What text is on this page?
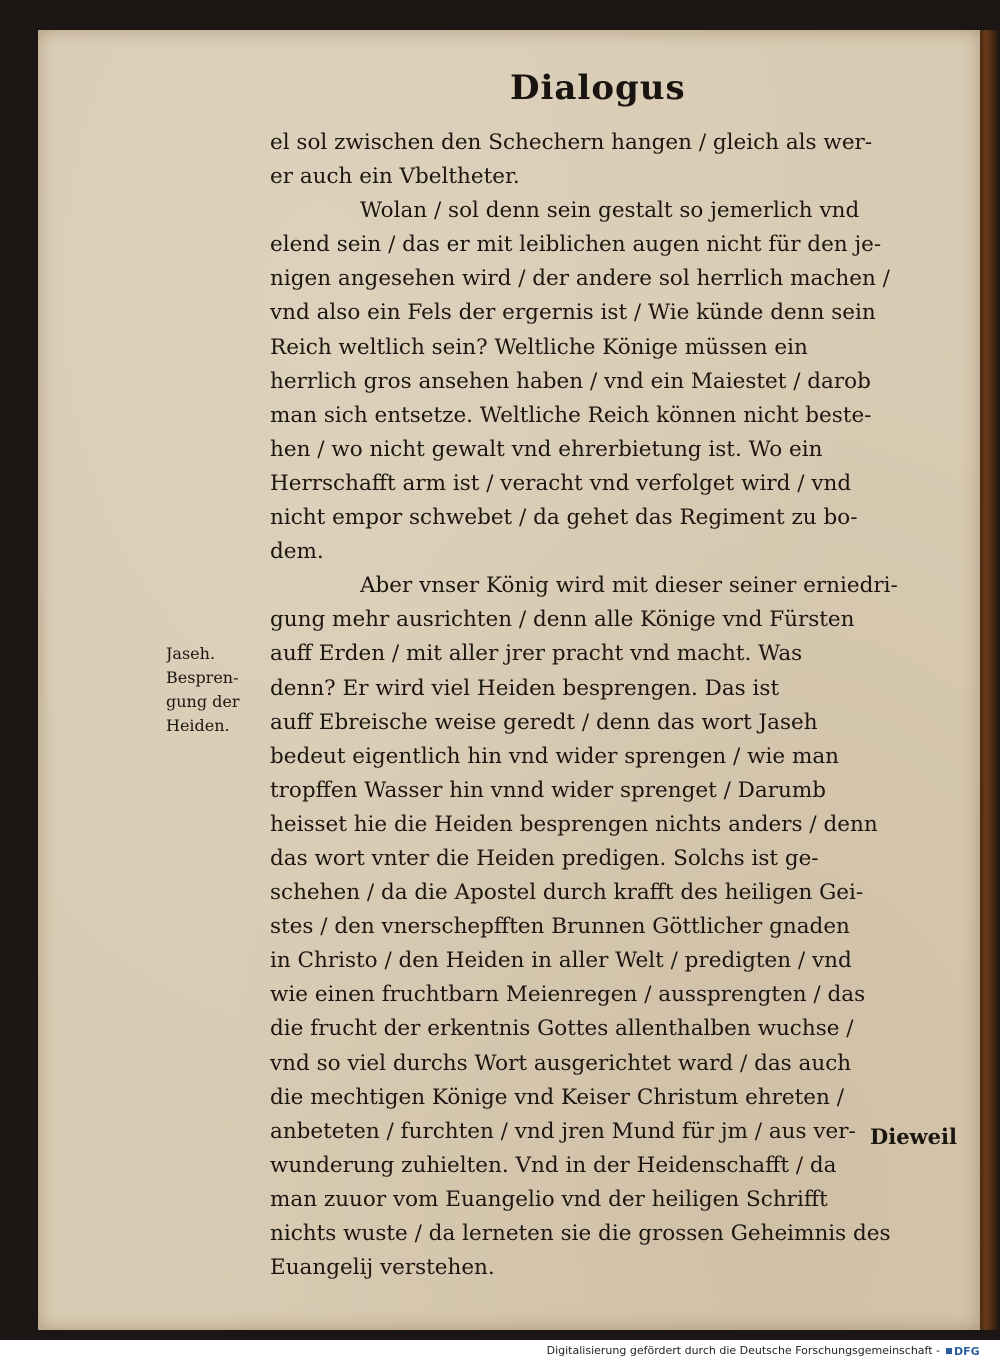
Dialogus
el sol zwischen den Schechern hangen / gleich als wer-
er auch ein Vbeltheter.
Wolan / sol denn sein gestalt so jemerlich vnd
elend sein / das er mit leiblichen augen nicht für den je-
nigen angesehen wird / der andere sol herrlich machen /
vnd also ein Fels der ergernis ist / Wie künde denn sein
Reich weltlich sein? Weltliche Könige müssen ein
herrlich gros ansehen haben / vnd ein Maiestet / darob
man sich entsetze. Weltliche Reich können nicht beste-
hen / wo nicht gewalt vnd ehrerbietung ist. Wo ein
Herrschafft arm ist / veracht vnd verfolget wird / vnd
nicht empor schwebet / da gehet das Regiment zu bo-
dem.
Aber vnser König wird mit dieser seiner erniedri-
gung mehr ausrichten / denn alle Könige vnd Fürsten
auff Erden / mit aller jrer pracht vnd macht. Was
denn? Er wird viel Heiden besprengen. Das ist
auff Ebreische weise geredt / denn das wort Jaseh
bedeut eigentlich hin vnd wider sprengen / wie man
tropffen Wasser hin vnnd wider sprenget / Darumb
heisset hie die Heiden besprengen nichts anders / denn
das wort vnter die Heiden predigen. Solchs ist ge-
schehen / da die Apostel durch krafft des heiligen Gei-
stes / den vnerschepfften Brunnen Göttlicher gnaden
in Christo / den Heiden in aller Welt / predigten / vnd
wie einen fruchtbarn Meienregen / aussprengten / das
die frucht der erkentnis Gottes allenthalben wuchse /
vnd so viel durchs Wort ausgerichtet ward / das auch
die mechtigen Könige vnd Keiser Christum ehreten /
anbeteten / furchten / vnd jren Mund für jm / aus ver-
wunderung zuhielten. Vnd in der Heidenschafft / da
man zuuor vom Euangelio vnd der heiligen Schrifft
nichts wuste / da lerneten sie die grossen Geheimnis des
Euangelij verstehen.
Jaseh.
Bespren-
gung der
Heiden.
Dieweil
Digitalisierung gefördert durch die Deutsche Forschungsgemeinschaft - DFG
